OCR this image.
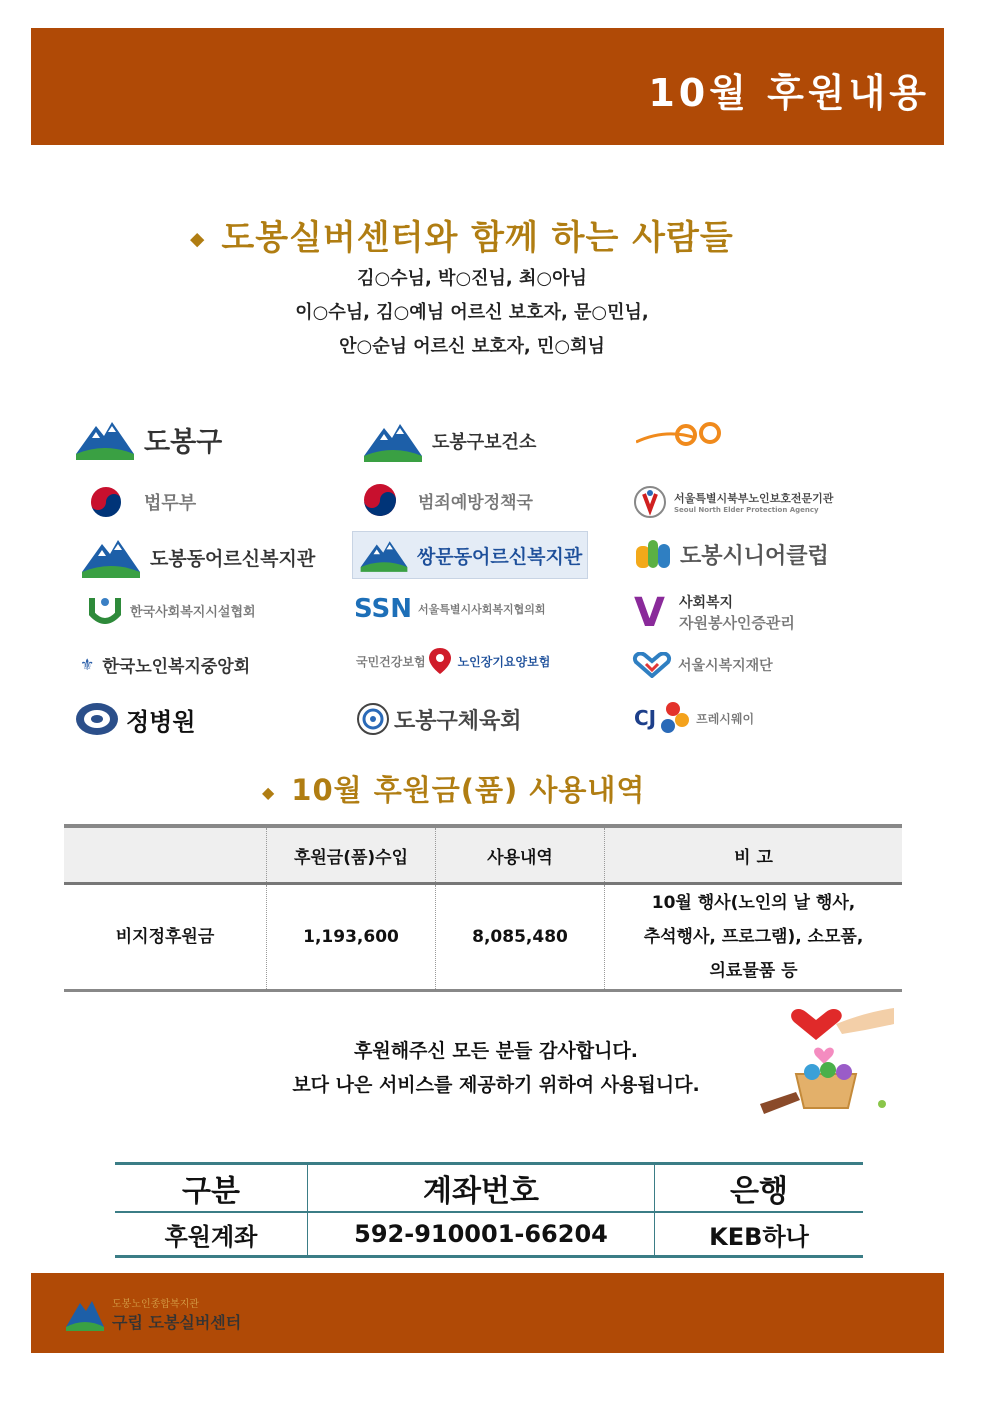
10월 후원내용
◆ 도봉실버센터와 함께 하는 사람들
김○수님, 박○진님, 최○아님
이○수님, 김○예님 어르신 보호자, 문○민님,
안○순님 어르신 보호자, 민○희님
도봉구	도봉구보건소
법무부	범죄예방정책국	서울특별시북부노인보호전문기관
Seoul North Elder Protection Agency
도봉동어르신복지관	쌍문동어르신복지관	도봉시니어클럽
한국사회복지시설협회	SSN 서울특별시사회복지협의회 V 사회복지
자원봉사인증관리
⚜ 한국노인복지중앙회	국민건강보험	노인장기요양보험	서울시복지재단
정병원	도봉구체육회	CJ	프레시웨이
◆ 10월 후원금(품) 사용내역
	후원금(품)수입	사용내역	비 고
비지정후원금	1,193,600	8,085,480	10월 행사(노인의 날 행사,
추석행사, 프로그램), 소모품,
의료물품 등
후원해주신 모든 분들 감사합니다.
보다 나은 서비스를 제공하기 위하여 사용됩니다.
구분	계좌번호	은행
후원계좌	592-910001-66204	KEB하나
도봉노인종합복지관
구립 도봉실버센터
